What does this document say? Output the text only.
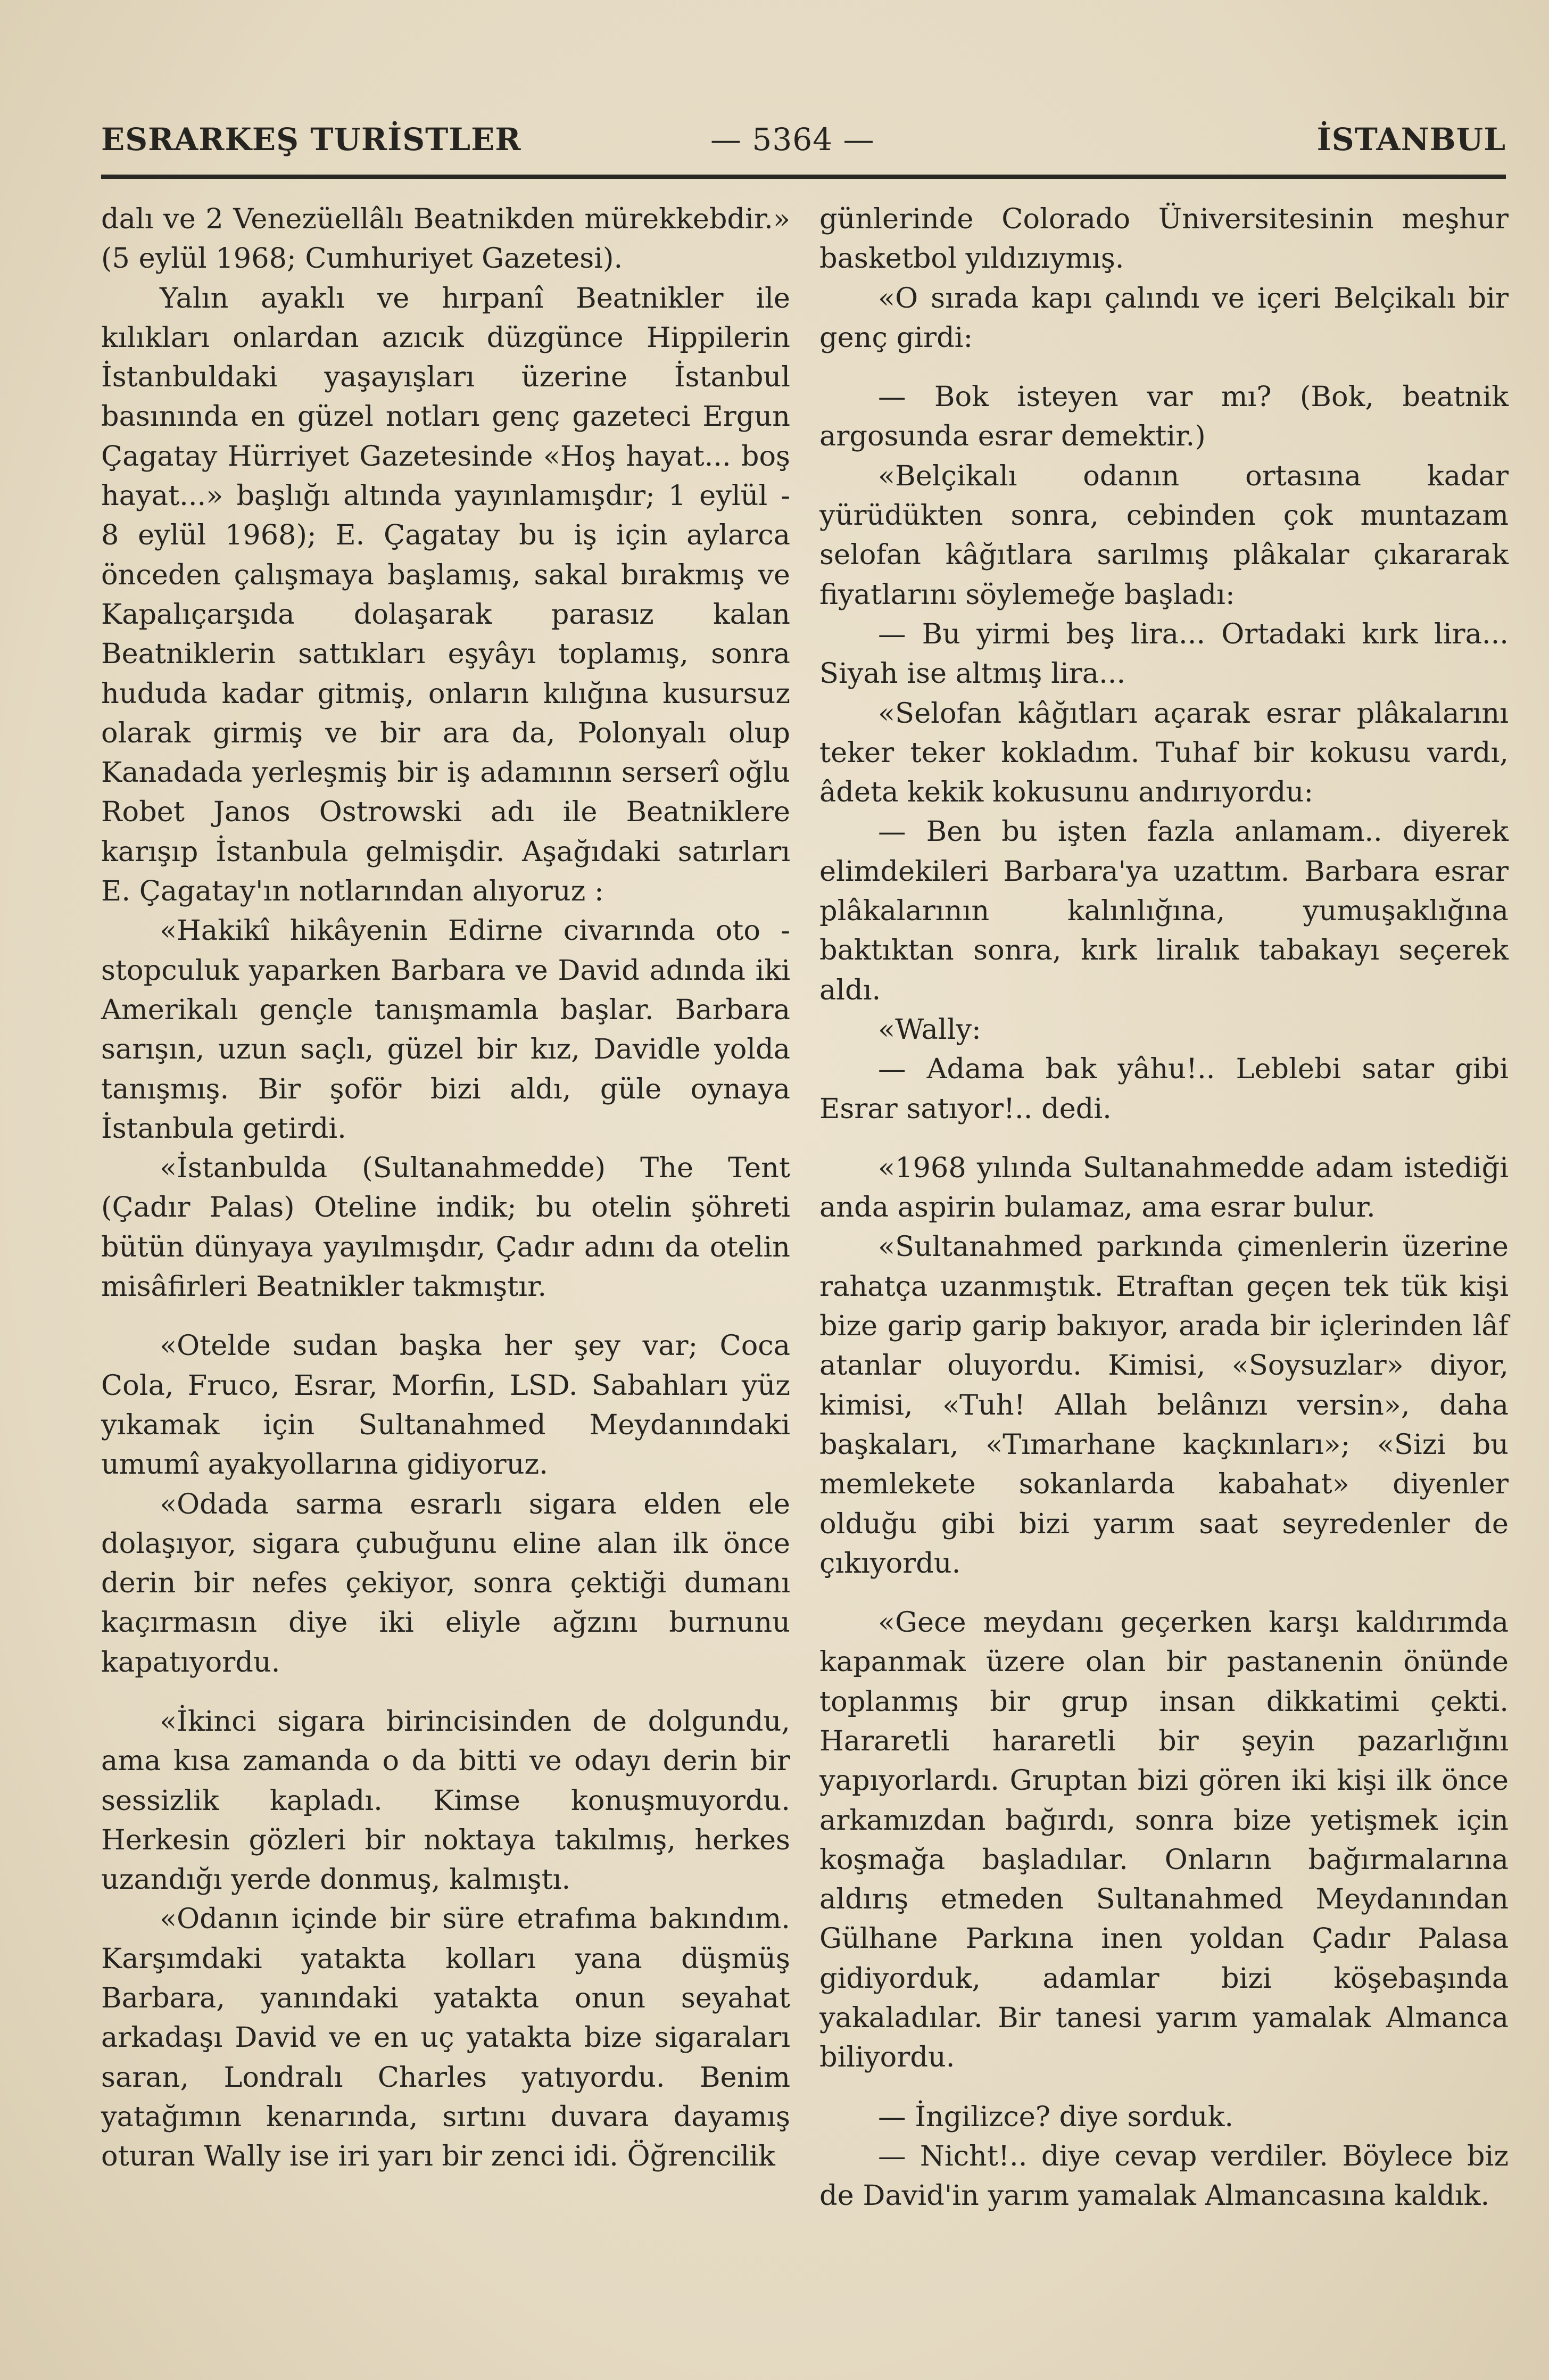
ESRARKEŞ TURİSTLER	— 5364 —	İSTANBUL

dalı ve 2 Venezüellâlı Beatnikden mürekkebdir.» (5 eylül 1968; Cumhuriyet Gazetesi).

Yalın ayaklı ve hırpanî Beatnikler ile kılıkları onlardan azıcık düzgünce Hippilerin İstanbuldaki yaşayışları üzerine İstanbul basınında en güzel notları genç gazeteci Ergun Çagatay Hürriyet Gazetesinde «Hoş hayat... boş hayat...» başlığı altında yayınlamışdır; 1 eylül - 8 eylül 1968); E. Çagatay bu iş için aylarca önceden çalışmaya başlamış, sakal bırakmış ve Kapalıçarşıda dolaşarak parasız kalan Beatniklerin sattıkları eşyâyı toplamış, sonra hududa kadar gitmiş, onların kılığına kusursuz olarak girmiş ve bir ara da, Polonyalı olup Kanadada yerleşmiş bir iş adamının serserî oğlu Robet Janos Ostrowski adı ile Beatniklere karışıp İstanbula gelmişdir. Aşağıdaki satırları E. Çagatay'ın notlarından alıyoruz :

«Hakikî hikâyenin Edirne civarında oto - stopculuk yaparken Barbara ve David adında iki Amerikalı gençle tanışmamla başlar. Barbara sarışın, uzun saçlı, güzel bir kız, Davidle yolda tanışmış. Bir şoför bizi aldı, güle oynaya İstanbula getirdi.

«İstanbulda (Sultanahmedde) The Tent (Çadır Palas) Oteline indik; bu otelin şöhreti bütün dünyaya yayılmışdır, Çadır adını da otelin misâfirleri Beatnikler takmıştır.

«Otelde sudan başka her şey var; Coca Cola, Fruco, Esrar, Morfin, LSD. Sabahları yüz yıkamak için Sultanahmed Meydanındaki umumî ayakyollarına gidiyoruz.

«Odada sarma esrarlı sigara elden ele dolaşıyor, sigara çubuğunu eline alan ilk önce derin bir nefes çekiyor, sonra çektiği dumanı kaçırmasın diye iki eliyle ağzını burnunu kapatıyordu.

«İkinci sigara birincisinden de dolgundu, ama kısa zamanda o da bitti ve odayı derin bir sessizlik kapladı. Kimse konuşmuyordu. Herkesin gözleri bir noktaya takılmış, herkes uzandığı yerde donmuş, kalmıştı.

«Odanın içinde bir süre etrafıma bakındım. Karşımdaki yatakta kolları yana düşmüş Barbara, yanındaki yatakta onun seyahat arkadaşı David ve en uç yatakta bize sigaraları saran, Londralı Charles yatıyordu. Benim yatağımın kenarında, sırtını duvara dayamış oturan Wally ise iri yarı bir zenci idi. Öğrencilik

günlerinde Colorado Üniversitesinin meşhur basketbol yıldızıymış.

«O sırada kapı çalındı ve içeri Belçikalı bir genç girdi:

— Bok isteyen var mı? (Bok, beatnik argosunda esrar demektir.)

«Belçikalı odanın ortasına kadar yürüdükten sonra, cebinden çok muntazam selofan kâğıtlara sarılmış plâkalar çıkararak fiyatlarını söylemeğe başladı:

— Bu yirmi beş lira... Ortadaki kırk lira... Siyah ise altmış lira...

«Selofan kâğıtları açarak esrar plâkalarını teker teker kokladım. Tuhaf bir kokusu vardı, âdeta kekik kokusunu andırıyordu:

— Ben bu işten fazla anlamam.. diyerek elimdekileri Barbara'ya uzattım. Barbara esrar plâkalarının kalınlığına, yumuşaklığına baktıktan sonra, kırk liralık tabakayı seçerek aldı.

«Wally:

— Adama bak yâhu!.. Leblebi satar gibi Esrar satıyor!.. dedi.

«1968 yılında Sultanahmedde adam istediği anda aspirin bulamaz, ama esrar bulur.

«Sultanahmed parkında çimenlerin üzerine rahatça uzanmıştık. Etraftan geçen tek tük kişi bize garip garip bakıyor, arada bir içlerinden lâf atanlar oluyordu. Kimisi, «Soysuzlar» diyor, kimisi, «Tuh! Allah belânızı versin», daha başkaları, «Tımarhane kaçkınları»; «Sizi bu memlekete sokanlarda kabahat» diyenler olduğu gibi bizi yarım saat seyredenler de çıkıyordu.

«Gece meydanı geçerken karşı kaldırımda kapanmak üzere olan bir pastanenin önünde toplanmış bir grup insan dikkatimi çekti. Hararetli hararetli bir şeyin pazarlığını yapıyorlardı. Gruptan bizi gören iki kişi ilk önce arkamızdan bağırdı, sonra bize yetişmek için koşmağa başladılar. Onların bağırmalarına aldırış etmeden Sultanahmed Meydanından Gülhane Parkına inen yoldan Çadır Palasa gidiyorduk, adamlar bizi köşebaşında yakaladılar. Bir tanesi yarım yamalak Almanca biliyordu.

— İngilizce? diye sorduk.

— Nicht!.. diye cevap verdiler. Böylece biz de David'in yarım yamalak Almancasına kaldık.
